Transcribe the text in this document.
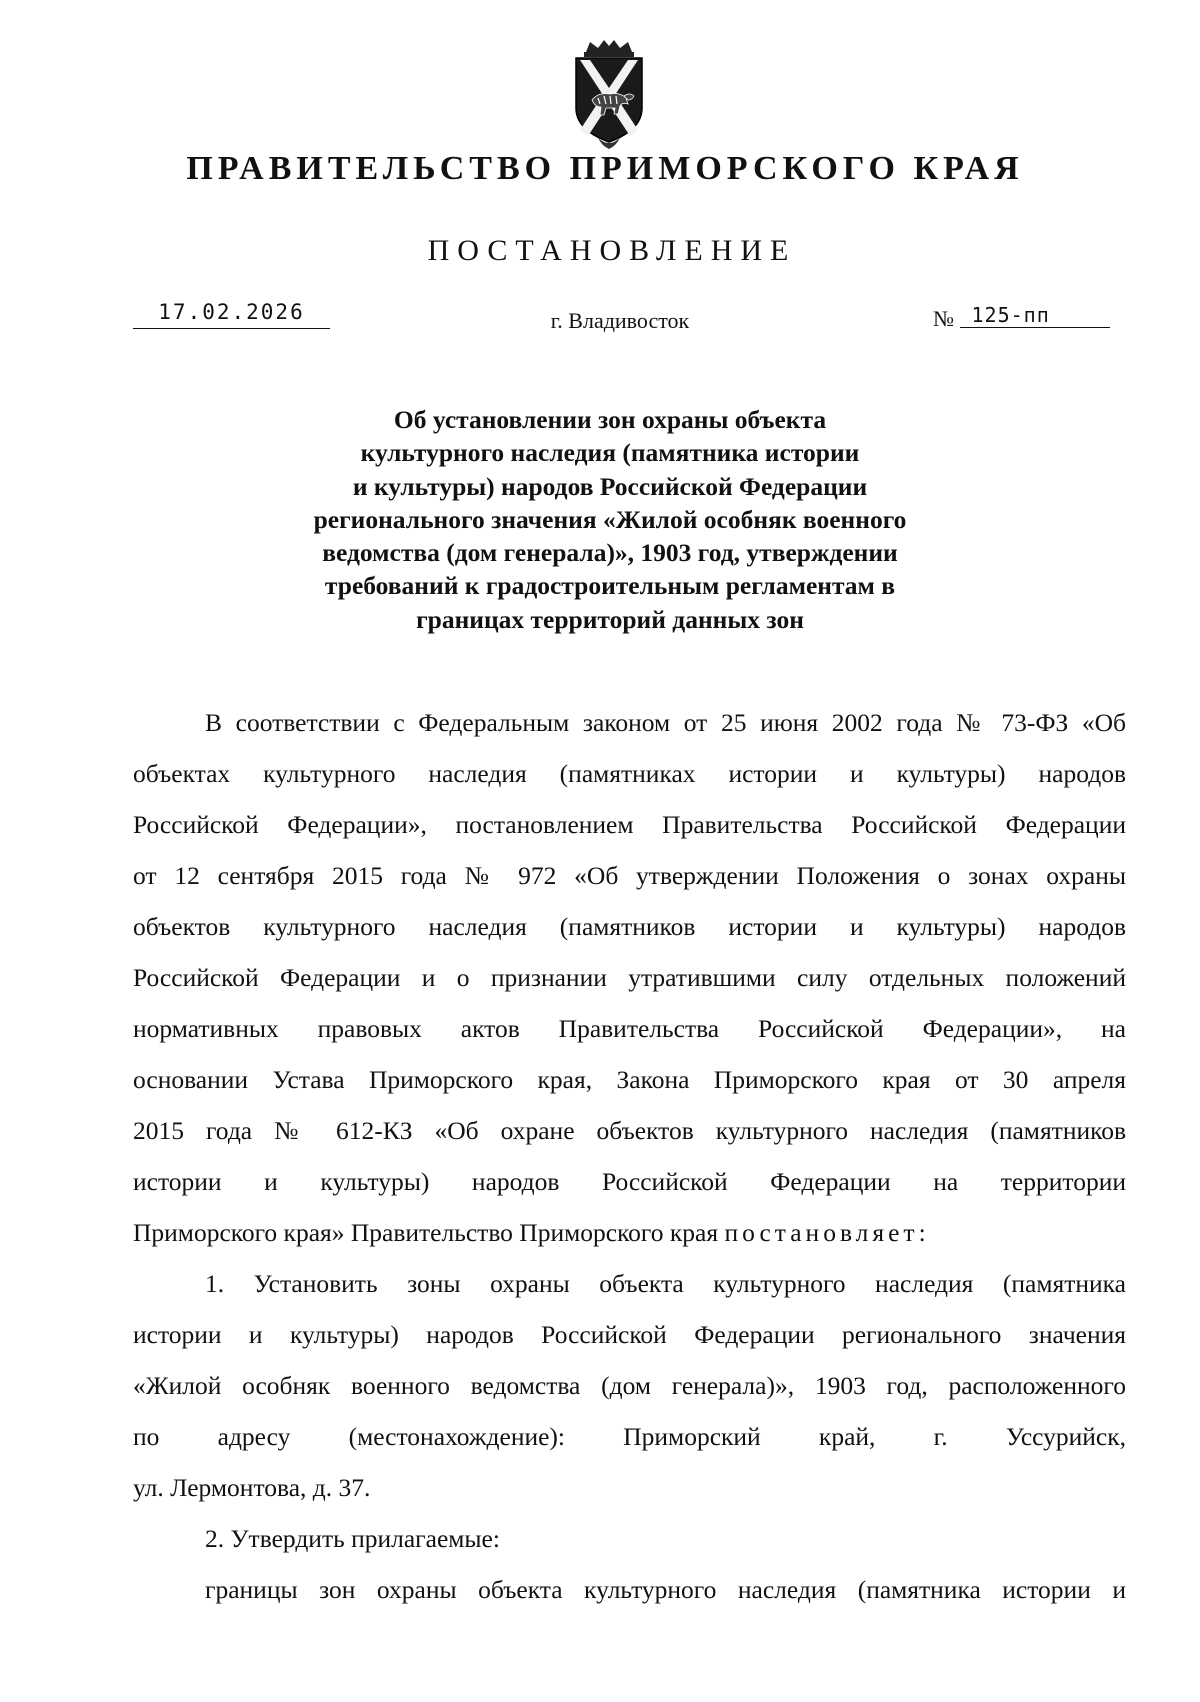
ПРАВИТЕЛЬСТВО ПРИМОРСКОГО КРАЯ
ПОСТАНОВЛЕНИЕ
17.02.2026	г. Владивосток	№ 125-пп
Об установлении зон охраны объекта
культурного наследия (памятника истории
и культуры) народов Российской Федерации
регионального значения «Жилой особняк военного
ведомства (дом генерала)», 1903 год, утверждении
требований к градостроительным регламентам в
границах территорий данных зон
В соответствии с Федеральным законом от 25 июня 2002 года № 73-ФЗ «Об
объектах культурного наследия (памятниках истории и культуры) народов
Российской Федерации», постановлением Правительства Российской Федерации
от 12 сентября 2015 года № 972 «Об утверждении Положения о зонах охраны
объектов культурного наследия (памятников истории и культуры) народов
Российской Федерации и о признании утратившими силу отдельных положений
нормативных правовых актов Правительства Российской Федерации», на
основании Устава Приморского края, Закона Приморского края от 30 апреля
2015 года № 612-КЗ «Об охране объектов культурного наследия (памятников
истории и культуры) народов Российской Федерации на территории
Приморского края» Правительство Приморского края постановляет:
1. Установить зоны охраны объекта культурного наследия (памятника
истории и культуры) народов Российской Федерации регионального значения
«Жилой особняк военного ведомства (дом генерала)», 1903 год, расположенного
по адресу (местонахождение): Приморский край, г. Уссурийск,
ул. Лермонтова, д. 37.
2. Утвердить прилагаемые:
границы зон охраны объекта культурного наследия (памятника истории и
